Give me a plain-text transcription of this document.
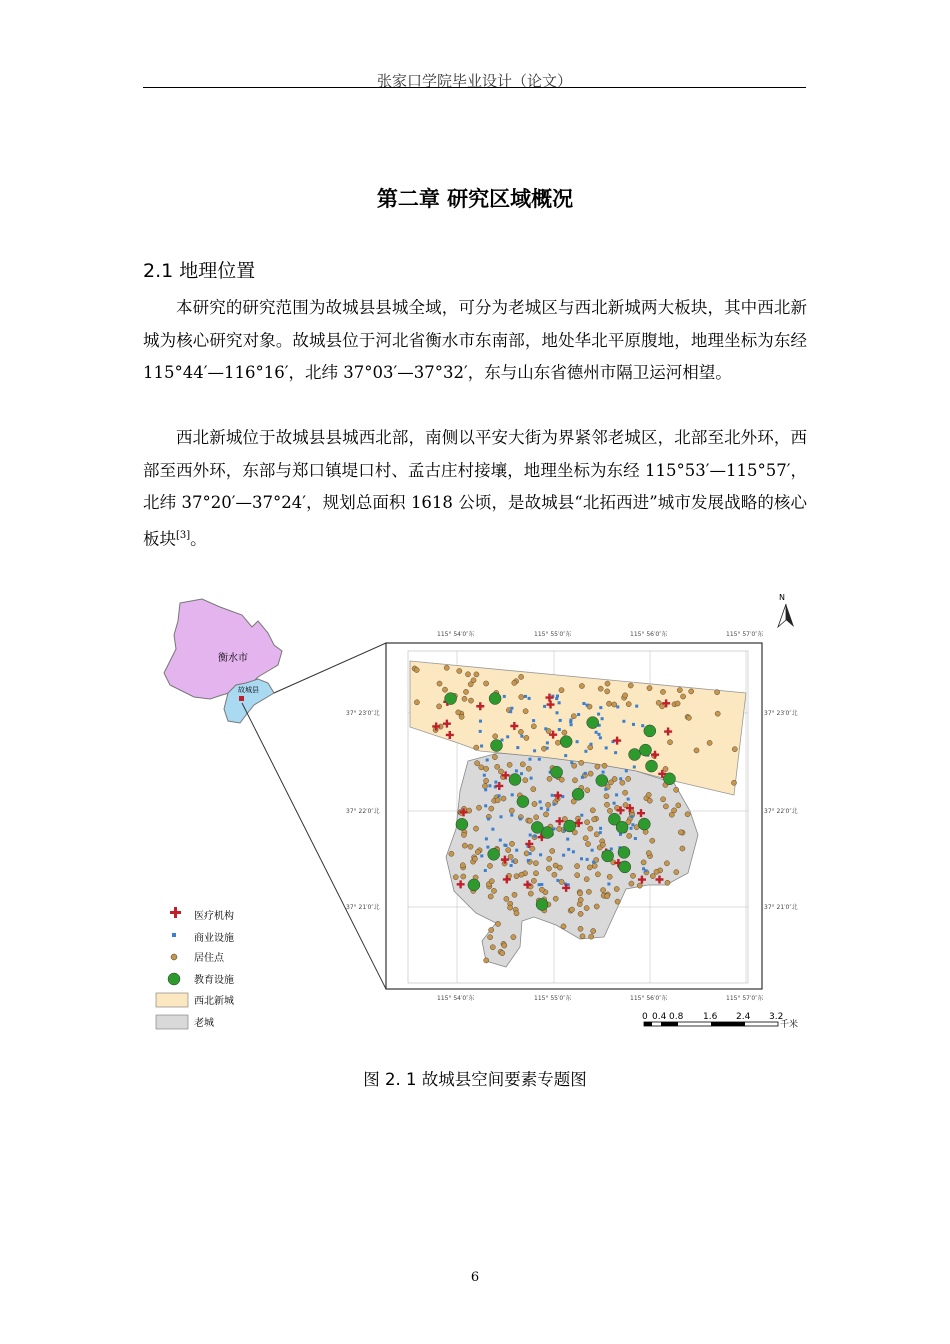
张家口学院毕业设计（论文）
第二章 研究区域概况
2.1 地理位置

本研究的研究范围为故城县县城全域，可分为老城区与西北新城两大板块，其中西北新城为核心研究对象。故城县位于河北省衡水市东南部，地处华北平原腹地，地理坐标为东经 115°44′—116°16′，北纬 37°03′—37°32′，东与山东省德州市隔卫运河相望。

西北新城位于故城县县城西北部，南侧以平安大街为界紧邻老城区，北部至北外环，西部至西外环，东部与郑口镇堤口村、孟古庄村接壤，地理坐标为东经 115°53′—115°57′，北纬 37°20′—37°24′，规划总面积 1618 公顷，是故城县“北拓西进”城市发展战略的核心板块[3]。

衡水市
故城县
115° 54′0″东	115° 55′0″东	115° 56′0″东	115° 57′0″东
115° 54′0″东	115° 55′0″东	115° 56′0″东	115° 57′0″东
37° 23′0″北
37° 22′0″北
37° 21′0″北
37° 23′0″北
37° 22′0″北
37° 21′0″北
N
医疗机构
商业设施
居住点
教育设施
西北新城
老城
0 0.4 0.8 1.6 2.4 3.2
千米
图 2. 1 故城县空间要素专题图
6
